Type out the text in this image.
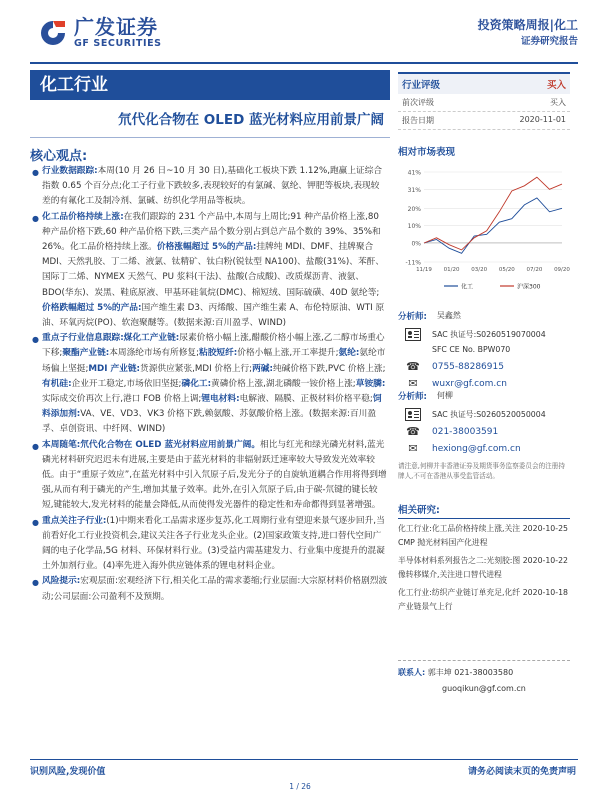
广发证券
GF SECURITIES
投资策略周报|化工
证券研究报告
化工行业
氘代化合物在 OLED 蓝光材料应用前景广阔
核心观点:
● 行业数据跟踪:本周(10 月 26 日~10 月 30 日),基础化工板块下跌 1.12%,跑赢上证综合指数 0.65 个百分点;化工子行业下跌较多,表现较好的有氯碱、氨纶、钾肥等板块,表现较差的有氟化工及制冷剂、氯碱、纺织化学用品等板块。
● 化工品价格持续上涨:在我们跟踪的 231 个产品中,本周与上周比;91 种产品价格上涨,80 种产品价格下跌,60 种产品价格下跌,三类产品个数分别占到总产品个数的 39%、35%和 26%。化工品价格持续上涨。价格涨幅超过 5%的产品:挂牌纯 MDI、DMF、挂牌聚合 MDI、天然乳胶、丁二烯、液氯、钛精矿、钛白粉(锐钛型 NA100)、盐酸(31%)、苯酐、国际丁二烯、NYMEX 天然气、PU 浆料(干法)、盐酸(合成酸)、改质煤沥青、液氨、BDO(华东)、炭黑、鞋底原液、甲基环硅氧烷(DMC)、棉短绒、国际硫磺、40D 氨纶等;价格跌幅超过 5%的产品:国产维生素 D3、丙烯酸、国产维生素 A、布伦特原油、WTI 原油、环氧丙烷(PO)、软泡聚醚等。(数据来源:百川盈孚、WIND)
● 重点子行业信息跟踪:煤化工产业链:尿素价格小幅上涨,醋酸价格小幅上涨,乙二醇市场重心下移;聚酯产业链:本周涤纶市场有所修复;粘胶短纤:价格小幅上涨,开工率提升;氨纶:氨纶市场偏上坚挺;MDI 产业链:货源供应紧张,MDI 价格上行;两碱:纯碱价格下跌,PVC 价格上涨;有机硅:企业开工稳定,市场依旧坚挺;磷化工:黄磷价格上涨,湖北磷酸一铵价格上涨;草铵膦:实际成交价再次上行,港口 FOB 价格上调;锂电材料:电解液、隔膜、正极材料价格平稳;饲料添加剂:VA、VE、VD3、VK3 价格下跌,赖氨酸、苏氨酸价格上涨。(数据来源:百川盈孚、卓创资讯、中纤网、WIND)
● 本周随笔:氘代化合物在 OLED 蓝光材料应用前景广阔。相比与红光和绿光磷光材料,蓝光磷光材料研究迟迟未有进展,主要是由于蓝光材料的非辐射跃迁速率较大导致发光效率较低。由于“重原子效应”,在蓝光材料中引入氘原子后,发光分子的自旋轨道耦合作用将得到增强,从而有利于磷光的产生,增加其量子效率。此外,在引入氘原子后,由于碳-氘键的键长较短,键能较大,发光材料的能量会降低,从而使得发光器件的稳定性和寿命都得到显著增强。
● 重点关注子行业:(1)中期来看化工品需求逐步复苏,化工周期行业有望迎来景气逐步回升,当前看好化工行业投资机会,建议关注各子行业龙头企业。(2)国家政策支持,进口替代空间广阔的电子化学品,5G 材料、环保材料行业。(3)受益内需基建发力、行业集中度提升的混凝土外加剂行业。(4)率先进入海外供应链体系的锂电材料企业。
● 风险提示:宏观层面:宏观经济下行,相关化工品的需求萎缩;行业层面:大宗原材料价格剧烈波动;公司层面:公司盈利不及预期。
行业评级	买入
前次评级	买入
报告日期	2020-11-01
相对市场表现
-11%
0%
10%
20%
31%
41%
11/19 01/20 03/20 05/20 07/20 09/20
化工	沪深300
分析师: 吴鑫然
SAC 执证号:S0260519070004
SFC CE No. BPW070
☎	0755-88286915
✉	wuxr@gf.com.cn
分析师: 何柳
SAC 执证号:S0260520050004
☎	021-38003591
✉	hexiong@gf.com.cn
请注意,何柳并非香港证券及期货事务监察委员会的注册持牌人,不可在香港从事受监管活动。
相关研究:
2020-10-25
化工行业:化工品价格持续上涨,关注 CMP 抛光材料国产化进程
2020-10-22
半导体材料系列报告之二:光刻胶:图像转移媒介,关注进口替代进程
2020-10-18
化工行业:纺织产业链订单充足,化纤产业链景气上行
联系人: 郭丰坤 021-38003580
guoqikun@gf.com.cn
识别风险,发现价值	请务必阅读末页的免责声明
1 / 26
